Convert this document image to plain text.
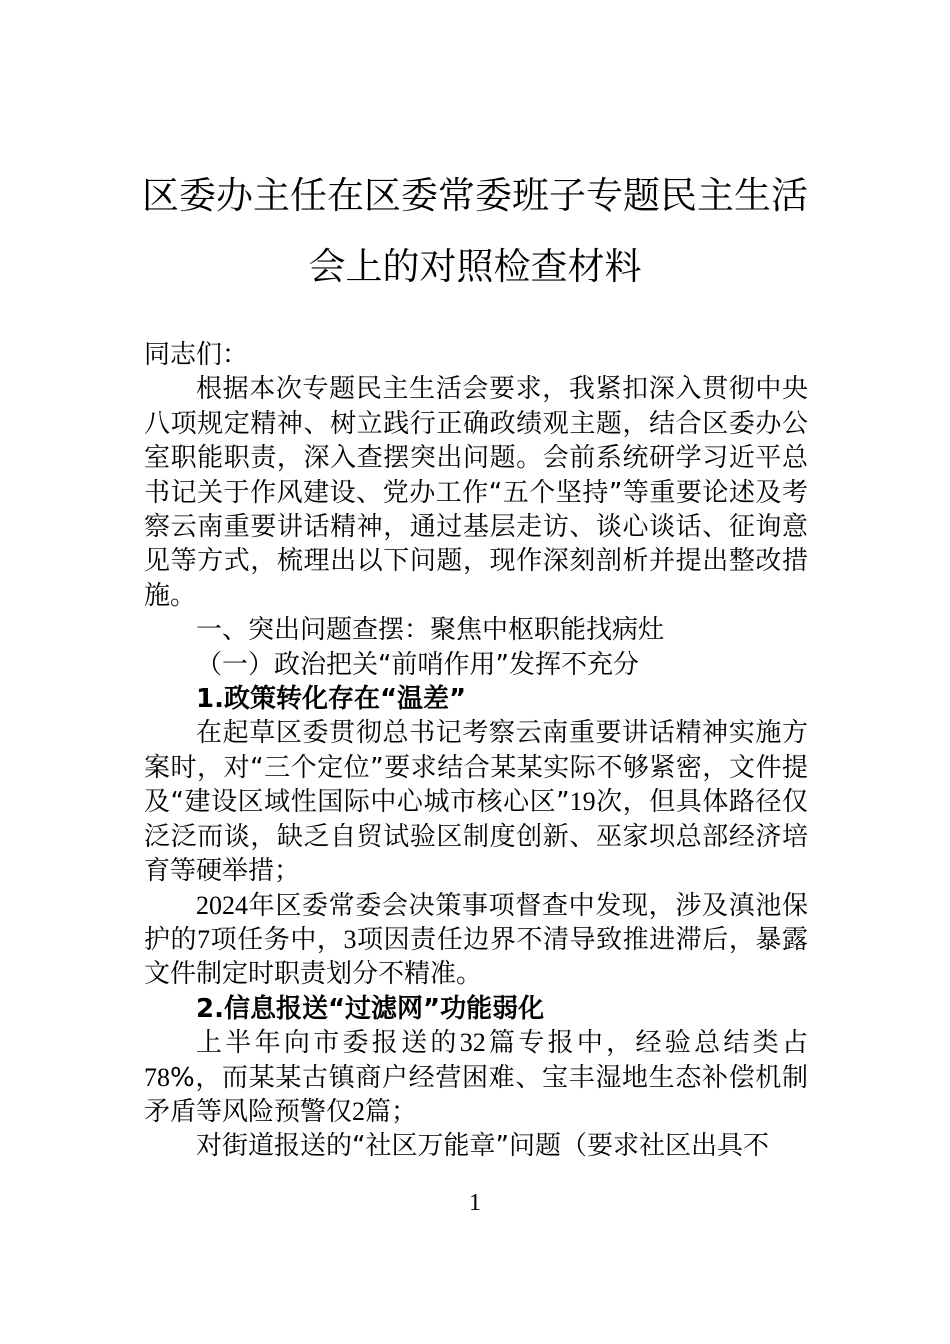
区委办主任在区委常委班子专题民主生活
会上的对照检查材料

同志们：

根据本次专题民主生活会要求，我紧扣深入贯彻中央八项规定精神、树立践行正确政绩观主题，结合区委办公室职能职责，深入查摆突出问题。会前系统研学习近平总书记关于作风建设、党办工作“五个坚持”等重要论述及考察云南重要讲话精神，通过基层走访、谈心谈话、征询意见等方式，梳理出以下问题，现作深刻剖析并提出整改措施。

一、突出问题查摆：聚焦中枢职能找病灶

（一）政治把关“前哨作用”发挥不充分

1.政策转化存在“温差”

在起草区委贯彻总书记考察云南重要讲话精神实施方案时，对“三个定位”要求结合某某实际不够紧密，文件提及“建设区域性国际中心城市核心区”19次，但具体路径仅泛泛而谈，缺乏自贸试验区制度创新、巫家坝总部经济培育等硬举措；

2024年区委常委会决策事项督查中发现，涉及滇池保护的7项任务中，3项因责任边界不清导致推进滞后，暴露文件制定时职责划分不精准。

2.信息报送“过滤网”功能弱化

上半年向市委报送的32篇专报中，经验总结类占78%，而某某古镇商户经营困难、宝丰湿地生态补偿机制矛盾等风险预警仅2篇；

对街道报送的“社区万能章”问题（要求社区出具不

1
